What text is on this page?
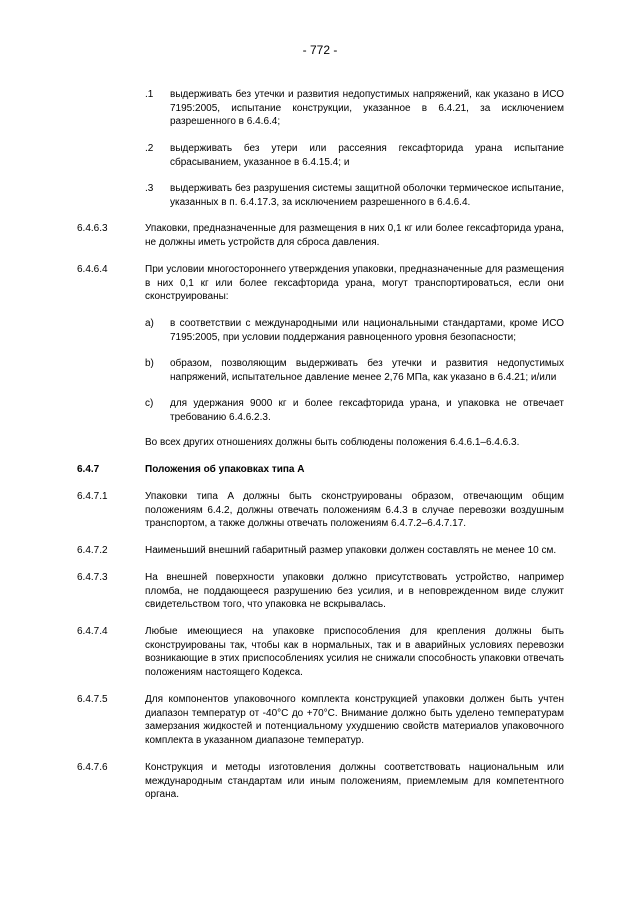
- 772 -
.1 выдерживать без утечки и развития недопустимых напряжений, как указано в ИСО 7195:2005, испытание конструкции, указанное в 6.4.21, за исключением разрешенного в 6.4.6.4;
.2 выдерживать без утери или рассеяния гексафторида урана испытание сбрасыванием, указанное в 6.4.15.4; и
.3 выдерживать без разрушения системы защитной оболочки термическое испытание, указанных в п. 6.4.17.3, за исключением разрешенного в 6.4.6.4.
6.4.6.3	Упаковки, предназначенные для размещения в них 0,1 кг или более гексафторида урана, не должны иметь устройств для сброса давления.
6.4.6.4	При условии многостороннего утверждения упаковки, предназначенные для размещения в них 0,1 кг или более гексафторида урана, могут транспортироваться, если они сконструированы:
a) в соответствии с международными или национальными стандартами, кроме ИСО 7195:2005, при условии поддержания равноценного уровня безопасности;
b) образом, позволяющим выдерживать без утечки и развития недопустимых напряжений, испытательное давление менее 2,76 МПа, как указано в 6.4.21; и/или
c) для удержания 9000 кг и более гексафторида урана, и упаковка не отвечает требованию 6.4.6.2.3.
Во всех других отношениях должны быть соблюдены положения 6.4.6.1–6.4.6.3.
6.4.7	Положения об упаковках типа A
6.4.7.1	Упаковки типа A должны быть сконструированы образом, отвечающим общим положениям 6.4.2, должны отвечать положениям 6.4.3 в случае перевозки воздушным транспортом, а также должны отвечать положениям 6.4.7.2–6.4.7.17.
6.4.7.2	Наименьший внешний габаритный размер упаковки должен составлять не менее 10 см.
6.4.7.3	На внешней поверхности упаковки должно присутствовать устройство, например пломба, не поддающееся разрушению без усилия, и в неповрежденном виде служит свидетельством того, что упаковка не вскрывалась.
6.4.7.4	Любые имеющиеся на упаковке приспособления для крепления должны быть сконструированы так, чтобы как в нормальных, так и в аварийных условиях перевозки возникающие в этих приспособлениях усилия не снижали способность упаковки отвечать положениям настоящего Кодекса.
6.4.7.5	Для компонентов упаковочного комплекта конструкцией упаковки должен быть учтен диапазон температур от -40°C до +70°C. Внимание должно быть уделено температурам замерзания жидкостей и потенциальному ухудшению свойств материалов упаковочного комплекта в указанном диапазоне температур.
6.4.7.6	Конструкция и методы изготовления должны соответствовать национальным или международным стандартам или иным положениям, приемлемым для компетентного органа.
